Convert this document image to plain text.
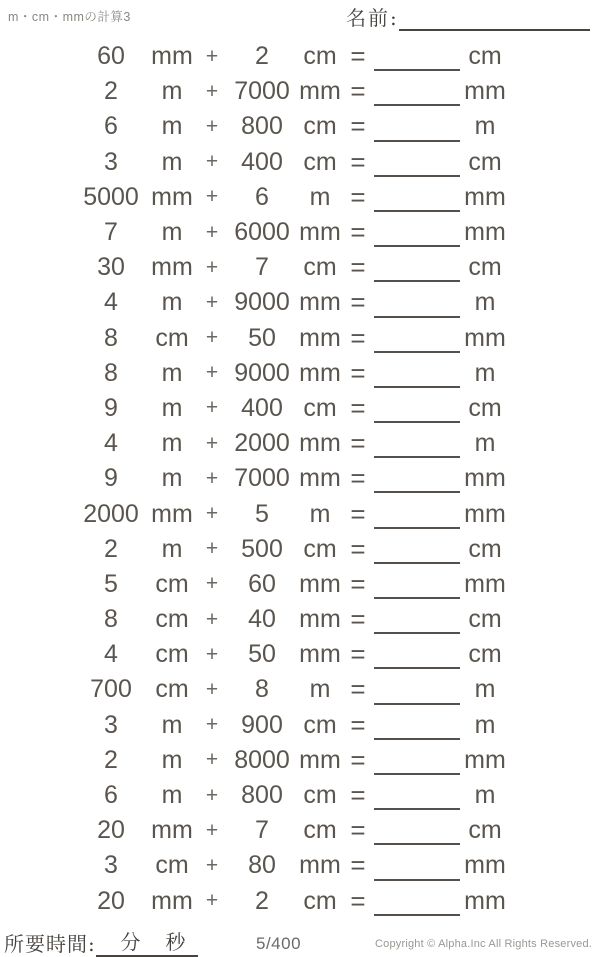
m・cm・mmの計算3	名前:
60	mm +	2	cm =	cm
2	m	+ 7000 mm =	mm
6	m	+ 800 cm =	m
3	m	+ 400 cm =	cm
5000 mm +	6	m =	mm
7	m	+ 6000 mm =	mm
30	mm +	7	cm =	cm
4	m	+ 9000 mm =	m
8	cm +	50 mm =	mm
8	m	+ 9000 mm =	m
9	m	+ 400 cm =	cm
4	m	+ 2000 mm =	m
9	m	+ 7000 mm =	mm
2000 mm +	5	m =	mm
2	m	+ 500 cm =	cm
5	cm +	60 mm =	mm
8	cm +	40 mm =	cm
4	cm +	50 mm =	cm
700 cm +	8	m =	m
3	m	+ 900 cm =	m
2	m	+ 8000 mm =	mm
6	m	+ 800 cm =	m
20	mm +	7	cm =	cm
3	cm +	80 mm =	mm
20	mm +	2	cm =	mm
所要時間: 分 秒	5/400	Copyright © Alpha.Inc All Rights Reserved.
